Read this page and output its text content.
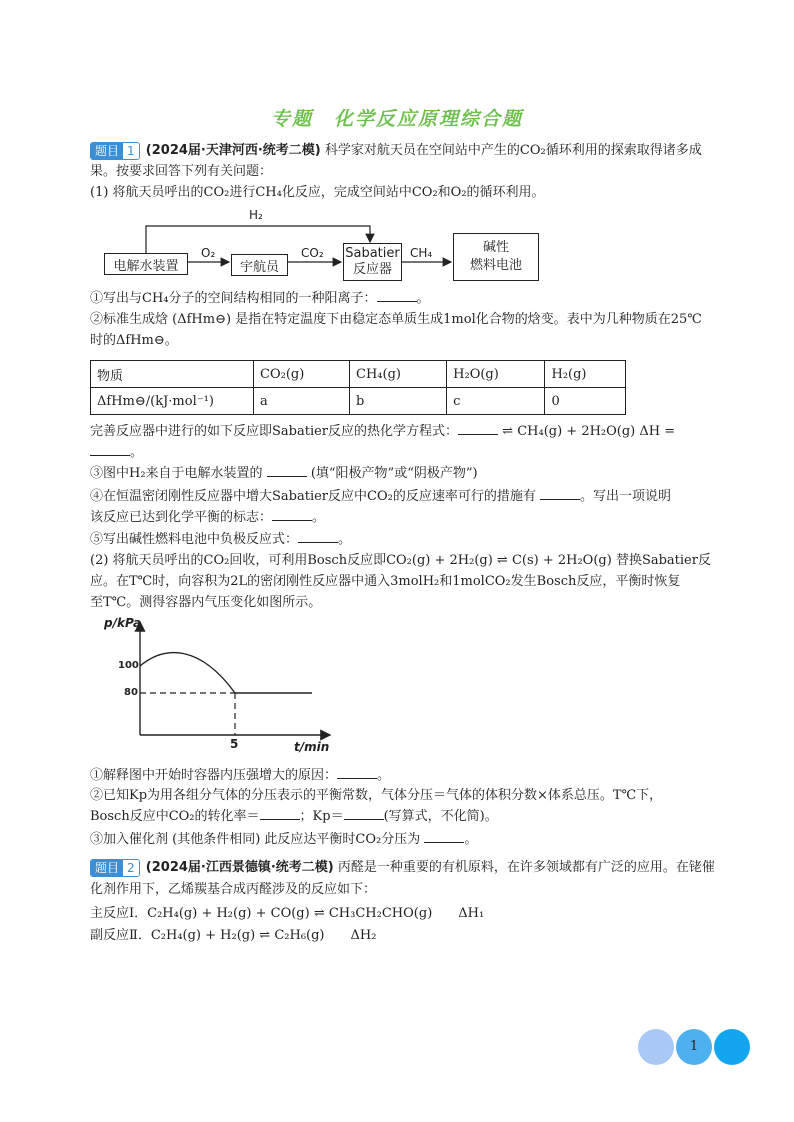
专题　化学反应原理综合题
题目 1 (2024届·天津河西·统考二模) 科学家对航天员在空间站中产生的CO₂循环利用的探索取得诸多成
果。按要求回答下列有关问题：
(1) 将航天员呼出的CO₂进行CH₄化反应，完成空间站中CO₂和O₂的循环利用。
H₂
电解水装置
O₂
宇航员
CO₂ Sabatier
反应器
CH₄	碱性
燃料电池
①写出与CH₄分子的空间结构相同的一种阳离子：	。
②标准生成焓 (ΔfHm⊖) 是指在特定温度下由稳定态单质生成1mol化合物的焓变。表中为几种物质在25℃
时的ΔfHm⊖。
物质	CO₂(g)	CH₄(g)	H₂O(g)	H₂(g)
ΔfHm⊖/(kJ·mol⁻¹)	a	b	c	0
完善反应器中进行的如下反应即Sabatier反应的热化学方程式：	⇌ CH₄(g) + 2H₂O(g) ΔH =
。
③图中H₂来自于电解水装置的	(填“阳极产物”或“阴极产物”)
④在恒温密闭刚性反应器中增大Sabatier反应中CO₂的反应速率可行的措施有	。写出一项说明
该反应已达到化学平衡的标志：	。
⑤写出碱性燃料电池中负极反应式：	。
(2) 将航天员呼出的CO₂回收，可利用Bosch反应即CO₂(g) + 2H₂(g) ⇌ C(s) + 2H₂O(g) 替换Sabatier反
应。在T℃时，向容积为2L的密闭刚性反应器中通入3molH₂和1molCO₂发生Bosch反应，平衡时恢复
至T℃。测得容器内气压变化如图所示。
p/kPa
t/min
100
80
5
①解释图中开始时容器内压强增大的原因：	。
②已知Kp为用各组分气体的分压表示的平衡常数，气体分压＝气体的体积分数×体系总压。T℃下，
Bosch反应中CO₂的转化率＝	；Kp＝	(写算式，不化简)。
③加入催化剂 (其他条件相同) 此反应达平衡时CO₂分压为	。
题目 2 (2024届·江西景德镇·统考二模) 丙醛是一种重要的有机原料，在许多领域都有广泛的应用。在铑催
化剂作用下，乙烯羰基合成丙醛涉及的反应如下：
主反应Ⅰ．C₂H₄(g) + H₂(g) + CO(g) ⇌ CH₃CH₂CHO(g)　　ΔH₁
副反应Ⅱ．C₂H₄(g) + H₂(g) ⇌ C₂H₆(g)　　ΔH₂
1
